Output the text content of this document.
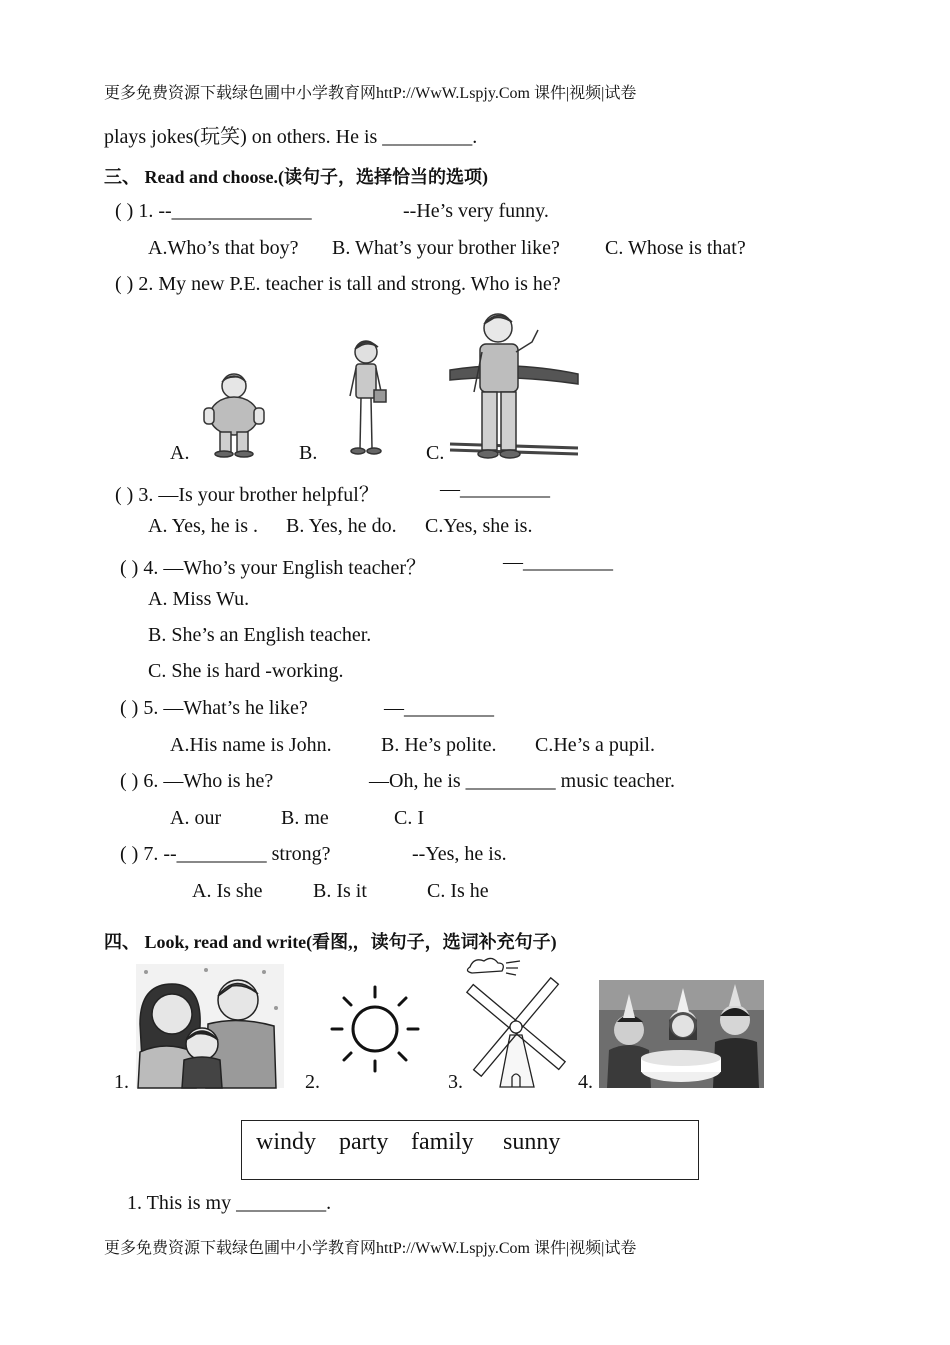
更多免费资源下载绿色圃中小学教育网httP://WwW.Lspjy.Com 课件|视频|试卷
plays jokes(玩笑) on others. He is _________.
三、 Read and choose.(读句子，选择恰当的选项)
( ) 1. --______________	--He’s very funny.
A.Who’s that boy? B. What’s your brother like? C. Whose is that?
( ) 2. My new P.E. teacher is tall and strong. Who is he?
A.	B.	C.
( ) 3. —Is your brother helpful？	—_________
A. Yes, he is . B. Yes, he do. C.Yes, she is.
( ) 4. —Who’s your English teacher？	—_________
A. Miss Wu.
B. She’s an English teacher.
C. She is hard -working.
( ) 5. —What’s he like?	—_________
A.His name is John. B. He’s polite. C.He’s a pupil.
( ) 6. —Who is he?	—Oh, he is _________ music teacher.
A. our	B. me	C. I
( ) 7. --_________ strong?	--Yes, he is.
A. Is she	B. Is it	C. Is he
四、 Look, read and write(看图,，读句子，选词补充句子)
1.	2.	3.	4.
windy party family sunny
1. This is my _________.
更多免费资源下载绿色圃中小学教育网httP://WwW.Lspjy.Com 课件|视频|试卷
